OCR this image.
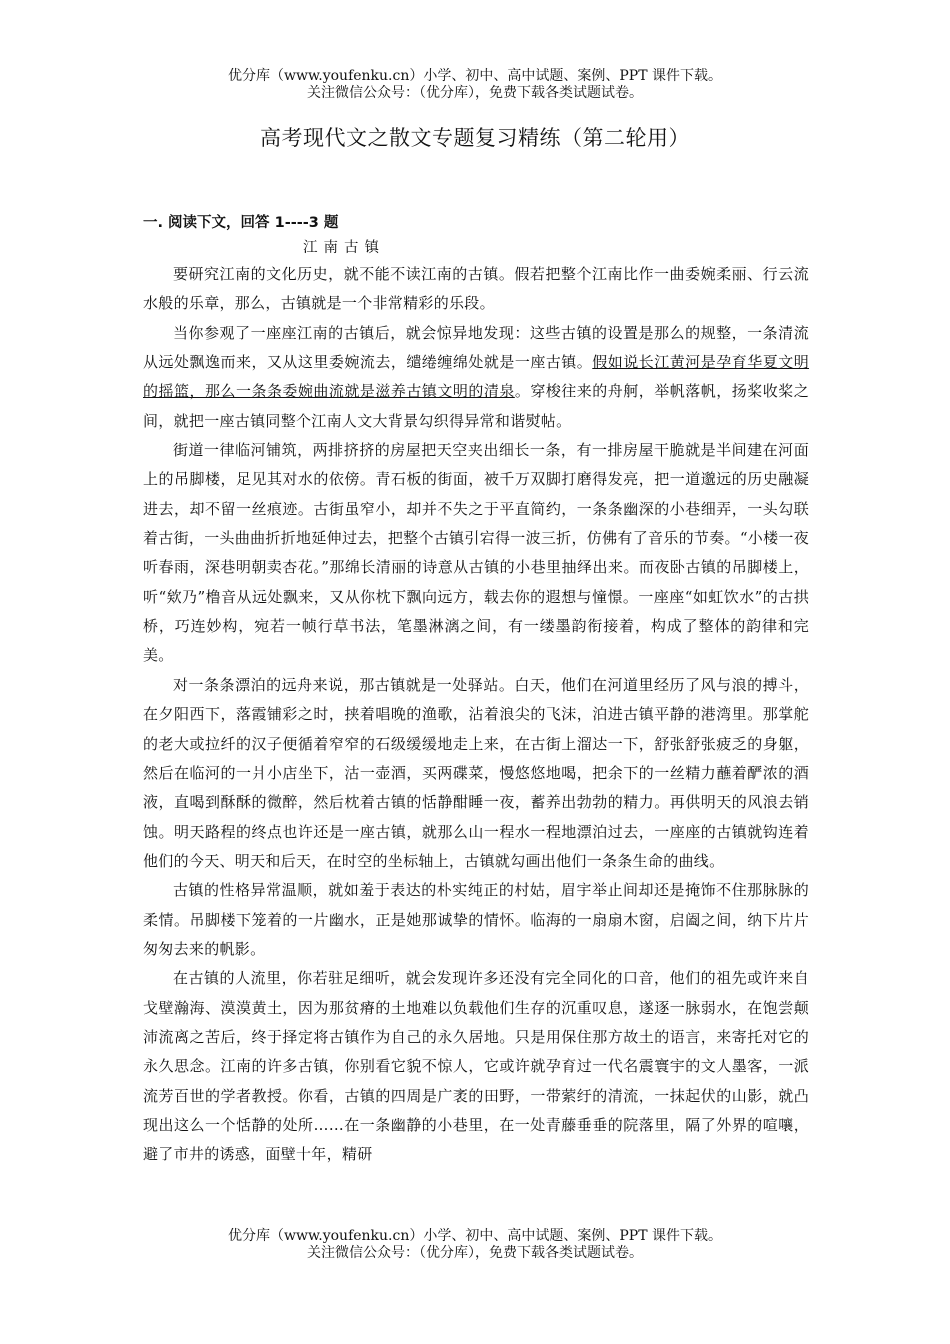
优分库（www.youfenku.cn）小学、初中、高中试题、案例、PPT 课件下载。

关注微信公众号：（优分库），免费下载各类试题试卷。

高考现代文之散文专题复习精练（第二轮用）

一. 阅读下文，回答 1----3 题

江南古镇

要研究江南的文化历史，就不能不读江南的古镇。假若把整个江南比作一曲委婉柔丽、行云流水般的乐章，那么，古镇就是一个非常精彩的乐段。

当你参观了一座座江南的古镇后，就会惊异地发现：这些古镇的设置是那么的规整，一条清流从远处飘逸而来，又从这里委婉流去，缱绻缠绵处就是一座古镇。假如说长江黄河是孕育华夏文明的摇篮，那么一条条委婉曲流就是滋养古镇文明的清泉。穿梭往来的舟舸，举帆落帆，扬桨收桨之间，就把一座古镇同整个江南人文大背景勾织得异常和谐熨帖。

街道一律临河铺筑，两排挤挤的房屋把天空夹出细长一条，有一排房屋干脆就是半间建在河面上的吊脚楼，足见其对水的依傍。青石板的街面，被千万双脚打磨得发亮，把一道邈远的历史融凝进去，却不留一丝痕迹。古街虽窄小，却并不失之于平直简约，一条条幽深的小巷细弄，一头勾联着古街，一头曲曲折折地延伸过去，把整个古镇引宕得一波三折，仿佛有了音乐的节奏。“小楼一夜听春雨，深巷明朝卖杏花。”那绵长清丽的诗意从古镇的小巷里抽绎出来。而夜卧古镇的吊脚楼上，听“欸乃”橹音从远处飘来，又从你枕下飘向远方，载去你的遐想与憧憬。一座座“如虹饮水”的古拱桥，巧连妙构，宛若一帧行草书法，笔墨淋漓之间，有一缕墨韵衔接着，构成了整体的韵律和完美。

对一条条漂泊的远舟来说，那古镇就是一处驿站。白天，他们在河道里经历了风与浪的搏斗，在夕阳西下，落霞铺彩之时，挟着唱晚的渔歌，沾着浪尖的飞沫，泊进古镇平静的港湾里。那掌舵的老大或拉纤的汉子便循着窄窄的石级缓缓地走上来，在古街上溜达一下，舒张舒张疲乏的身躯，然后在临河的一爿小店坐下，沽一壶酒，买两碟菜，慢悠悠地喝，把余下的一丝精力蘸着酽浓的酒液，直喝到酥酥的微醉，然后枕着古镇的恬静酣睡一夜，蓄养出勃勃的精力。再供明天的风浪去销蚀。明天路程的终点也许还是一座古镇，就那么山一程水一程地漂泊过去，一座座的古镇就钩连着他们的今天、明天和后天，在时空的坐标轴上，古镇就勾画出他们一条条生命的曲线。

古镇的性格异常温顺，就如羞于表达的朴实纯正的村姑，眉宇举止间却还是掩饰不住那脉脉的柔情。吊脚楼下笼着的一片幽水，正是她那诚挚的情怀。临海的一扇扇木窗，启阖之间，纳下片片匆匆去来的帆影。

在古镇的人流里，你若驻足细听，就会发现许多还没有完全同化的口音，他们的祖先或许来自戈壁瀚海、漠漠黄土，因为那贫瘠的土地难以负载他们生存的沉重叹息，遂逐一脉弱水，在饱尝颠沛流离之苦后，终于择定将古镇作为自己的永久居地。只是用保住那方故土的语言，来寄托对它的永久思念。江南的许多古镇，你别看它貌不惊人，它或许就孕育过一代名震寰宇的文人墨客，一派流芳百世的学者教授。你看，古镇的四周是广袤的田野，一带萦纡的清流，一抹起伏的山影，就凸现出这么一个恬静的处所……在一条幽静的小巷里，在一处青藤垂垂的院落里，隔了外界的喧嚷，避了市井的诱惑，面壁十年，精研

优分库（www.youfenku.cn）小学、初中、高中试题、案例、PPT 课件下载。

关注微信公众号：（优分库），免费下载各类试题试卷。
